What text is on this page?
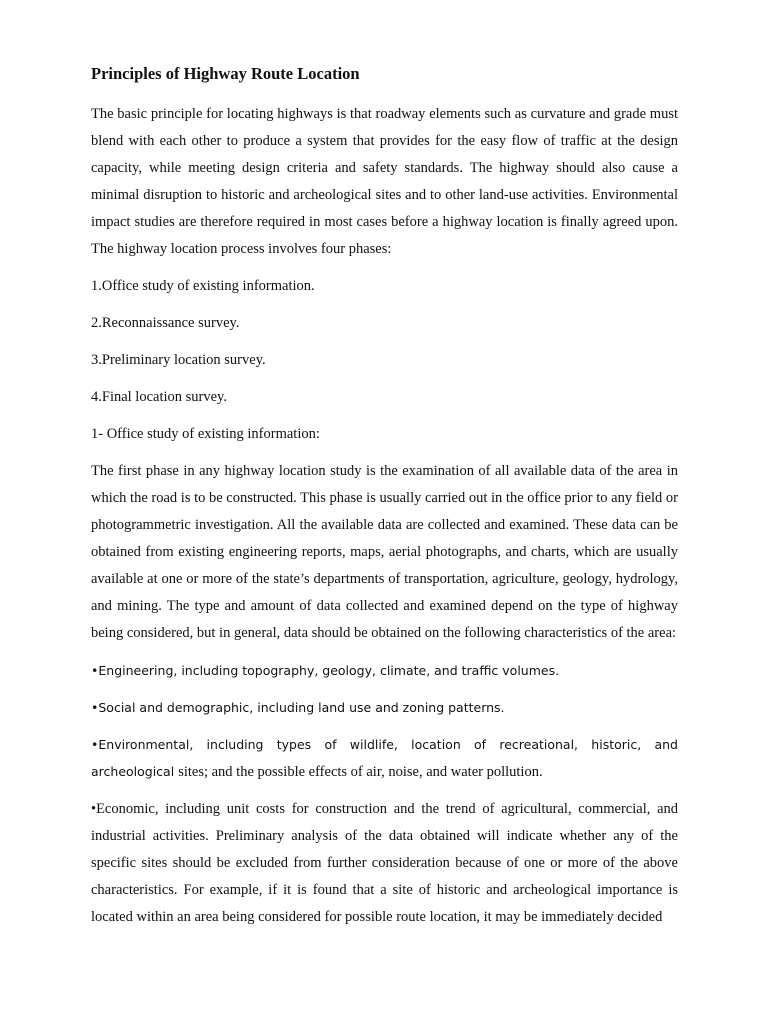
Principles of Highway Route Location

The basic principle for locating highways is that roadway elements such as curvature and grade must blend with each other to produce a system that provides for the easy flow of traffic at the design capacity, while meeting design criteria and safety standards. The highway should also cause a minimal disruption to historic and archeological sites and to other land-use activities. Environmental impact studies are therefore required in most cases before a highway location is finally agreed upon. The highway location process involves four phases:

1.Office study of existing information.

2.Reconnaissance survey.

3.Preliminary location survey.

4.Final location survey.

1- Office study of existing information:

The first phase in any highway location study is the examination of all available data of the area in which the road is to be constructed. This phase is usually carried out in the office prior to any field or photogrammetric investigation. All the available data are collected and examined. These data can be obtained from existing engineering reports, maps, aerial photographs, and charts, which are usually available at one or more of the state’s departments of transportation, agriculture, geology, hydrology, and mining. The type and amount of data collected and examined depend on the type of highway being considered, but in general, data should be obtained on the following characteristics of the area:

•Engineering, including topography, geology, climate, and traffic volumes.

•Social and demographic, including land use and zoning patterns.

•Environmental, including types of wildlife, location of recreational, historic, and archeological sites; and the possible effects of air, noise, and water pollution.

•Economic, including unit costs for construction and the trend of agricultural, commercial, and industrial activities. Preliminary analysis of the data obtained will indicate whether any of the specific sites should be excluded from further consideration because of one or more of the above characteristics. For example, if it is found that a site of historic and archeological importance is located within an area being considered for possible route location, it may be immediately decided
